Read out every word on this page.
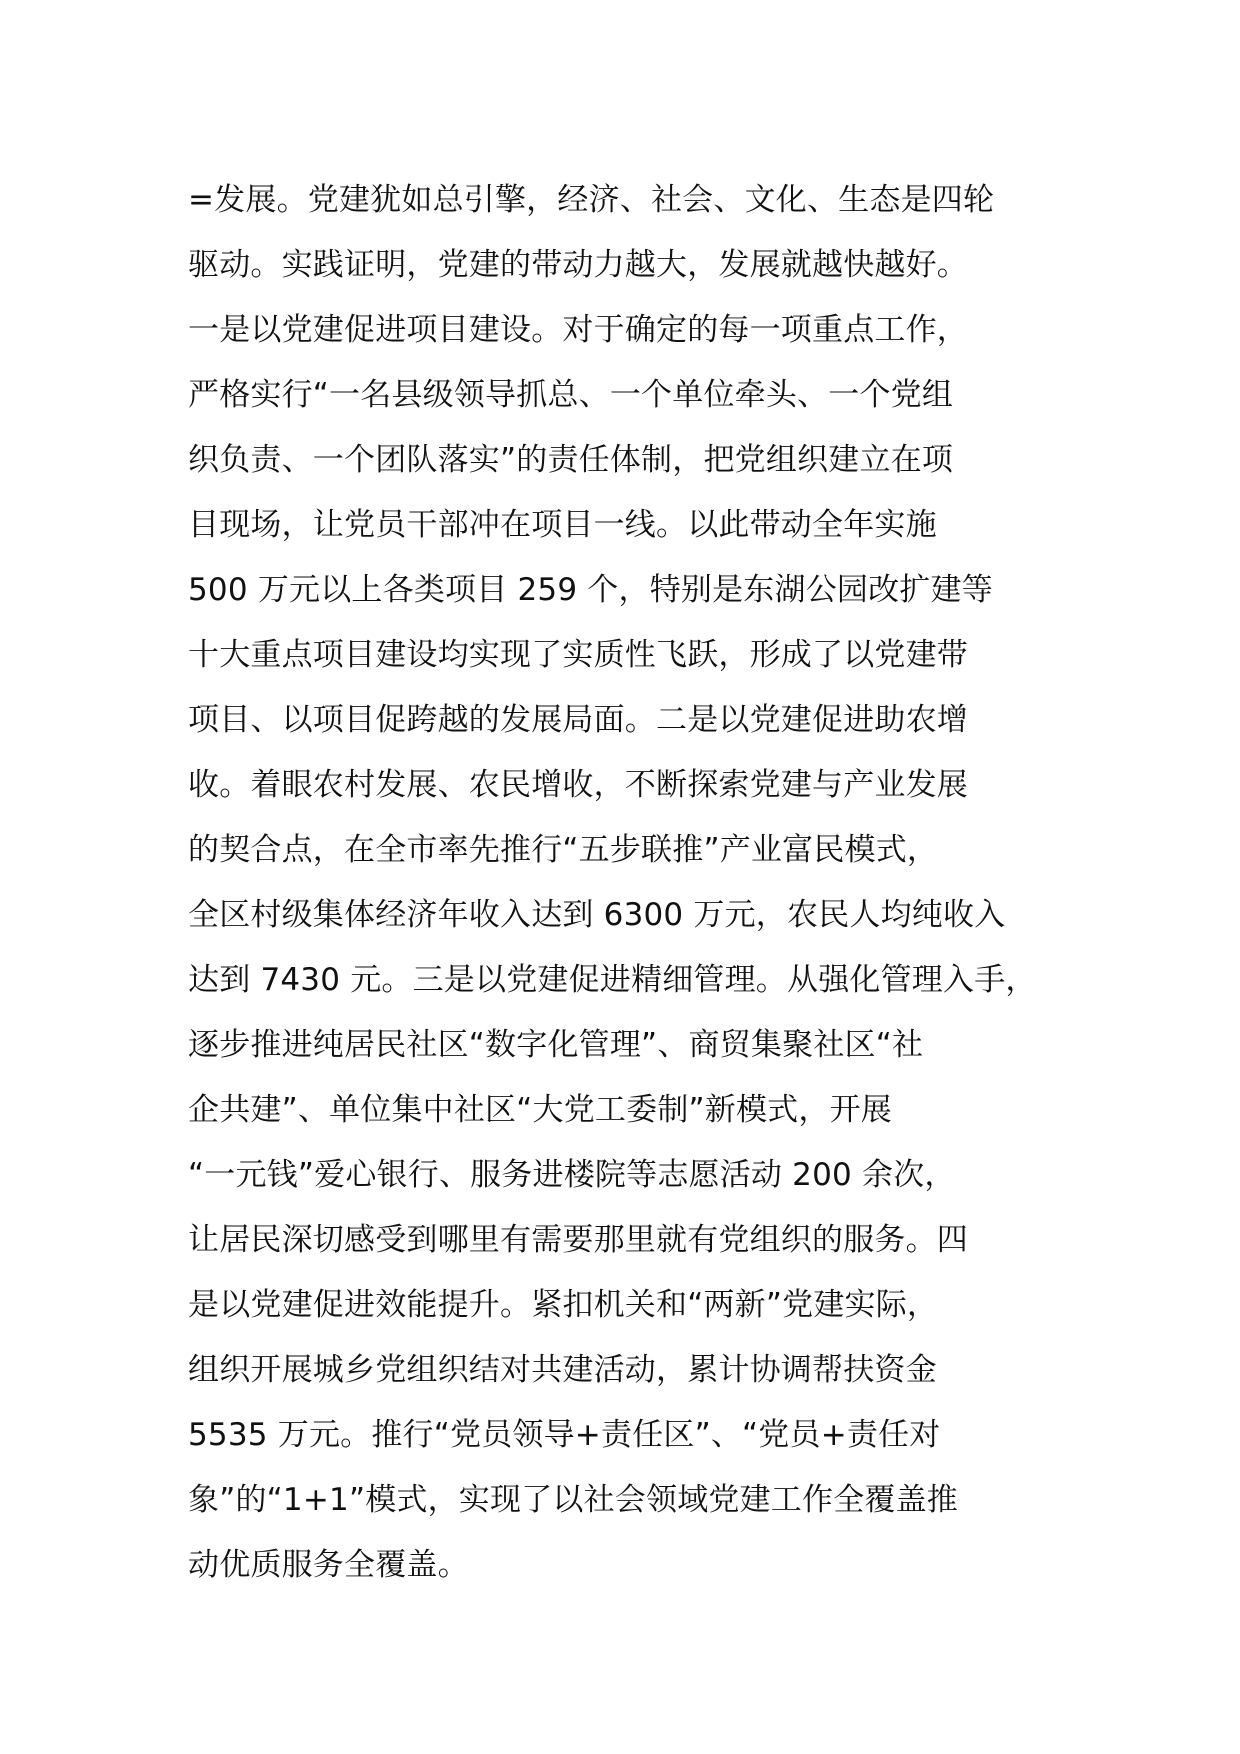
=发展。党建犹如总引擎，经济、社会、文化、生态是四轮
驱动。实践证明，党建的带动力越大，发展就越快越好。
一是以党建促进项目建设。对于确定的每一项重点工作，
严格实行“一名县级领导抓总、一个单位牵头、一个党组
织负责、一个团队落实”的责任体制，把党组织建立在项
目现场，让党员干部冲在项目一线。以此带动全年实施
500 万元以上各类项目 259 个，特别是东湖公园改扩建等
十大重点项目建设均实现了实质性飞跃，形成了以党建带
项目、以项目促跨越的发展局面。二是以党建促进助农增
收。着眼农村发展、农民增收，不断探索党建与产业发展
的契合点，在全市率先推行“五步联推”产业富民模式，
全区村级集体经济年收入达到 6300 万元，农民人均纯收入
达到 7430 元。三是以党建促进精细管理。从强化管理入手，
逐步推进纯居民社区“数字化管理”、商贸集聚社区“社
企共建”、单位集中社区“大党工委制”新模式，开展
“一元钱”爱心银行、服务进楼院等志愿活动 200 余次，
让居民深切感受到哪里有需要那里就有党组织的服务。四
是以党建促进效能提升。紧扣机关和“两新”党建实际，
组织开展城乡党组织结对共建活动，累计协调帮扶资金
5535 万元。推行“党员领导+责任区”、“党员+责任对
象”的“1+1”模式，实现了以社会领域党建工作全覆盖推
动优质服务全覆盖。
